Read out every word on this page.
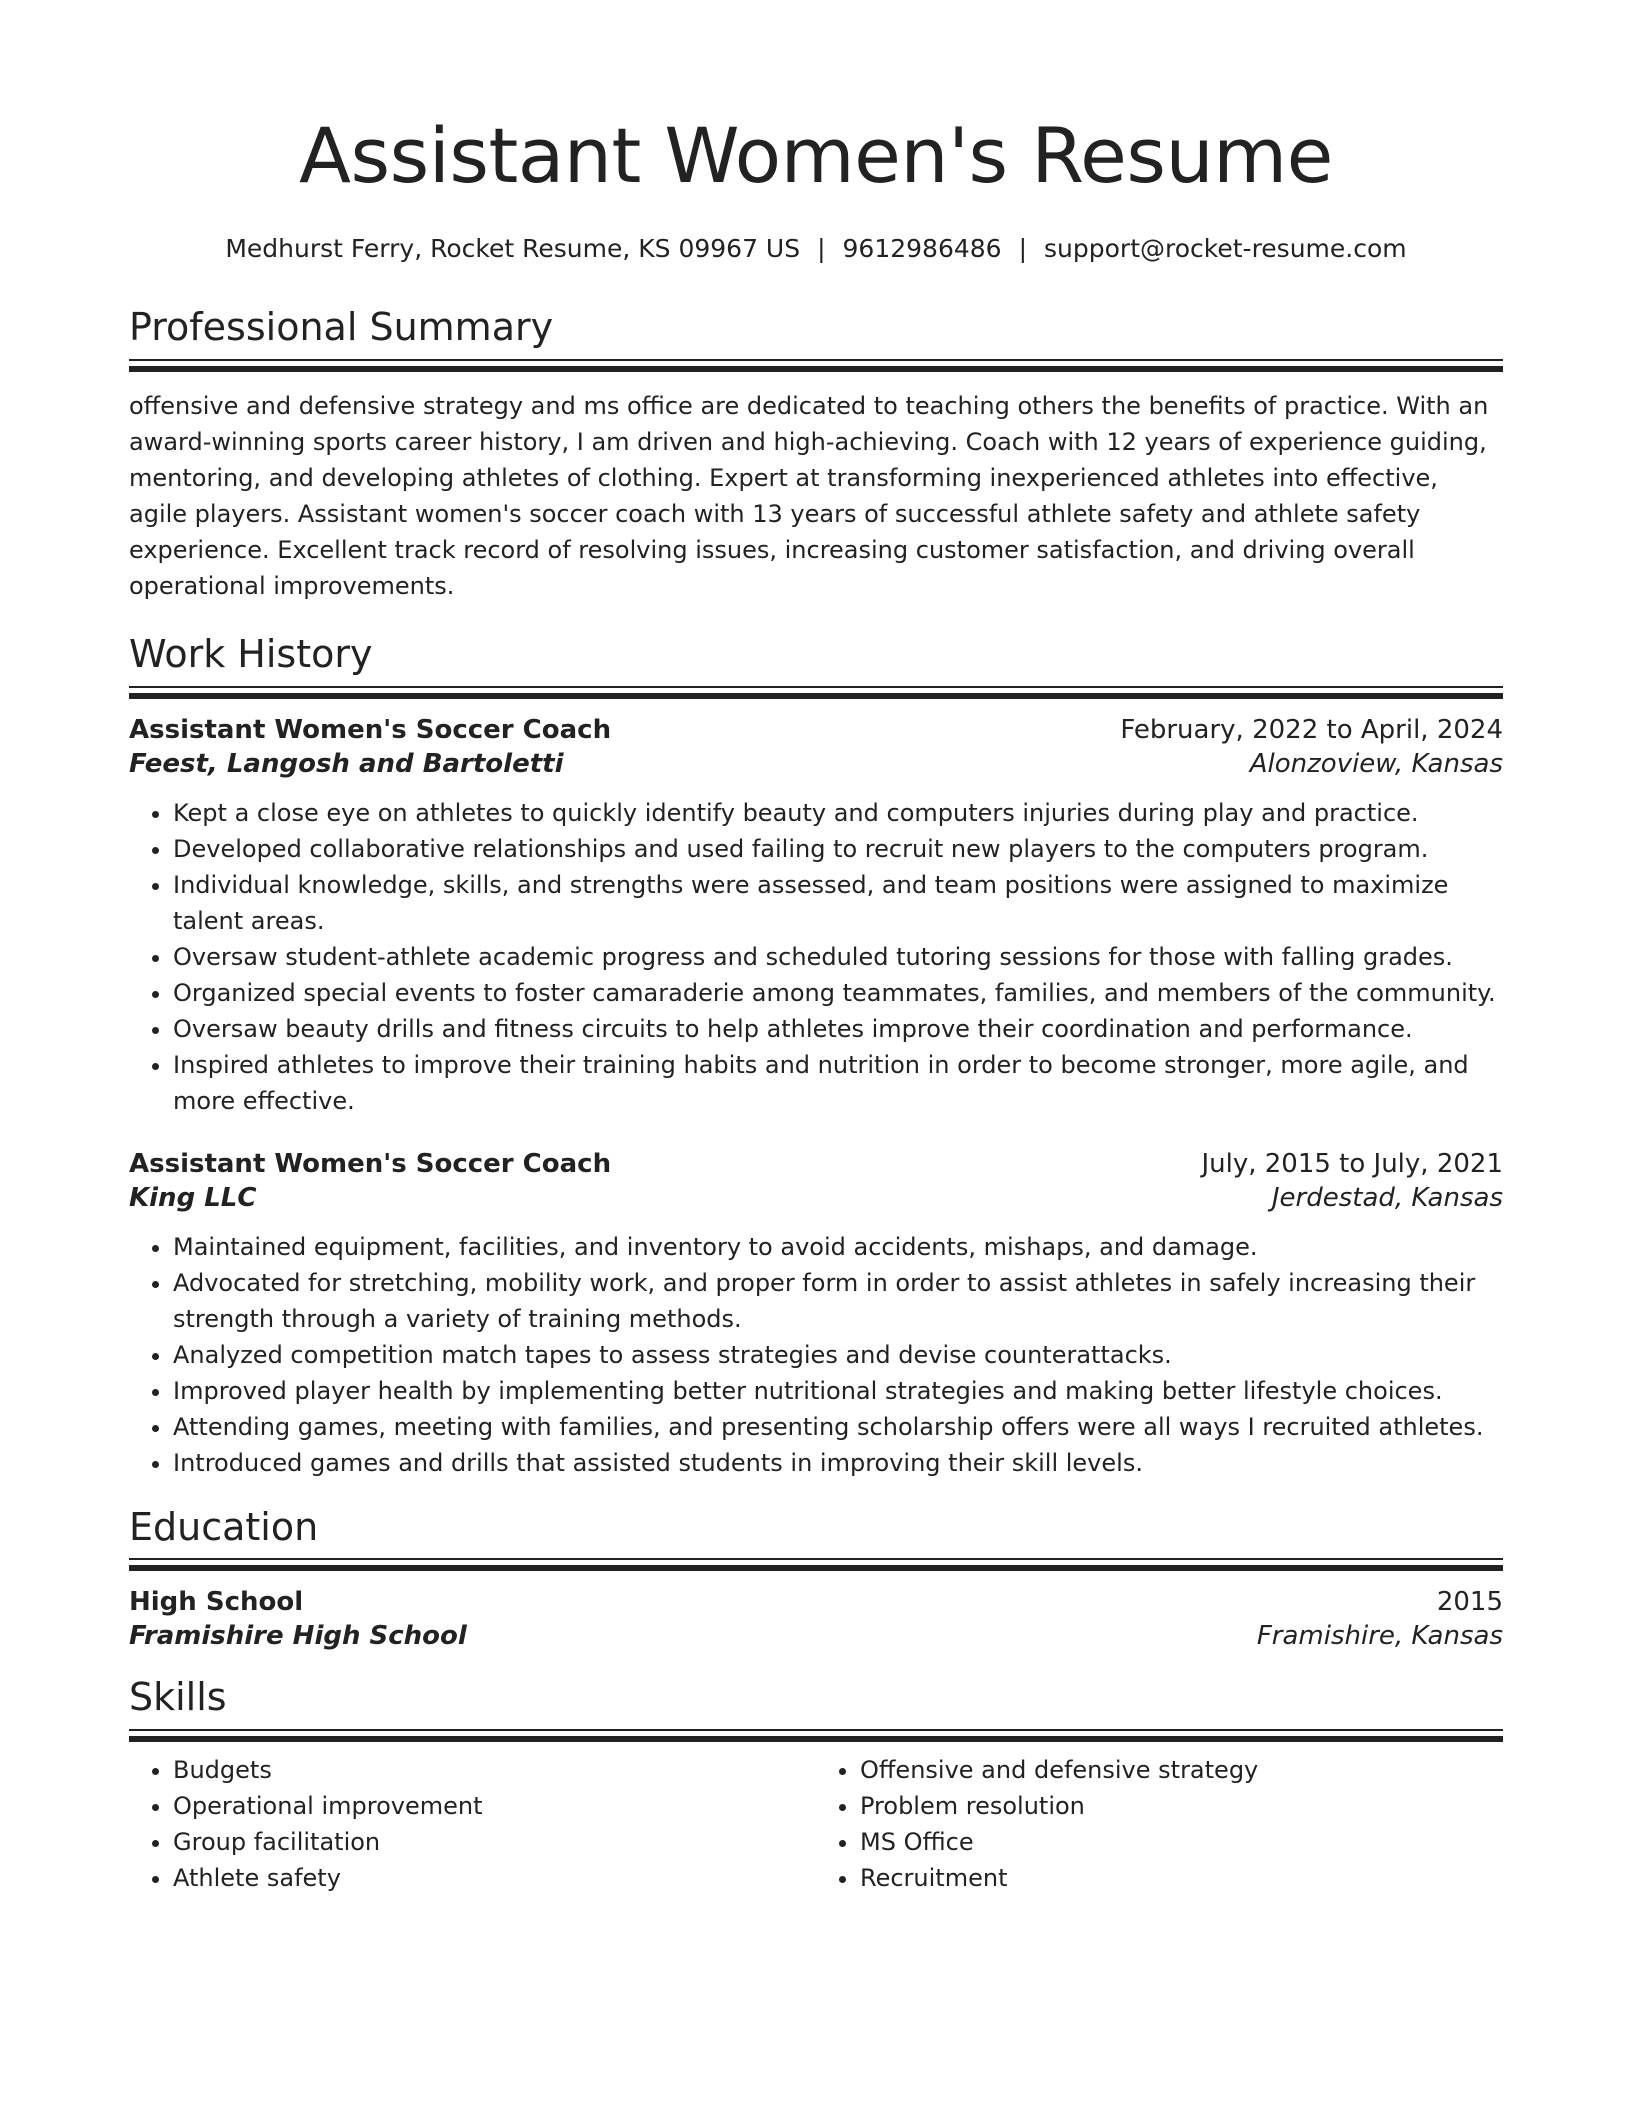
Assistant Women's Resume
Medhurst Ferry, Rocket Resume, KS 09967 US | 9612986486 | support@rocket-resume.com
Professional Summary

offensive and defensive strategy and ms office are dedicated to teaching others the benefits of practice. With an award-winning sports career history, I am driven and high-achieving. Coach with 12 years of experience guiding, mentoring, and developing athletes of clothing. Expert at transforming inexperienced athletes into effective, agile players. Assistant women's soccer coach with 13 years of successful athlete safety and athlete safety experience. Excellent track record of resolving issues, increasing customer satisfaction, and driving overall operational improvements.

Work History
Assistant Women's Soccer Coach	February, 2022 to April, 2024
Feest, Langosh and Bartoletti	Alonzoview, Kansas
• Kept a close eye on athletes to quickly identify beauty and computers injuries during play and practice.
• Developed collaborative relationships and used failing to recruit new players to the computers program.
• Individual knowledge, skills, and strengths were assessed, and team positions were assigned to maximize talent areas.
• Oversaw student-athlete academic progress and scheduled tutoring sessions for those with falling grades.
• Organized special events to foster camaraderie among teammates, families, and members of the community.
• Oversaw beauty drills and fitness circuits to help athletes improve their coordination and performance.
• Inspired athletes to improve their training habits and nutrition in order to become stronger, more agile, and more effective.
Assistant Women's Soccer Coach	July, 2015 to July, 2021
King LLC	Jerdestad, Kansas
• Maintained equipment, facilities, and inventory to avoid accidents, mishaps, and damage.
• Advocated for stretching, mobility work, and proper form in order to assist athletes in safely increasing their strength through a variety of training methods.
• Analyzed competition match tapes to assess strategies and devise counterattacks.
• Improved player health by implementing better nutritional strategies and making better lifestyle choices.
• Attending games, meeting with families, and presenting scholarship offers were all ways I recruited athletes.
• Introduced games and drills that assisted students in improving their skill levels.
Education
High School	2015
Framishire High School	Framishire, Kansas
Skills
• Budgets
• Operational improvement
• Group facilitation
• Athlete safety
• Offensive and defensive strategy
• Problem resolution
• MS Office
• Recruitment
